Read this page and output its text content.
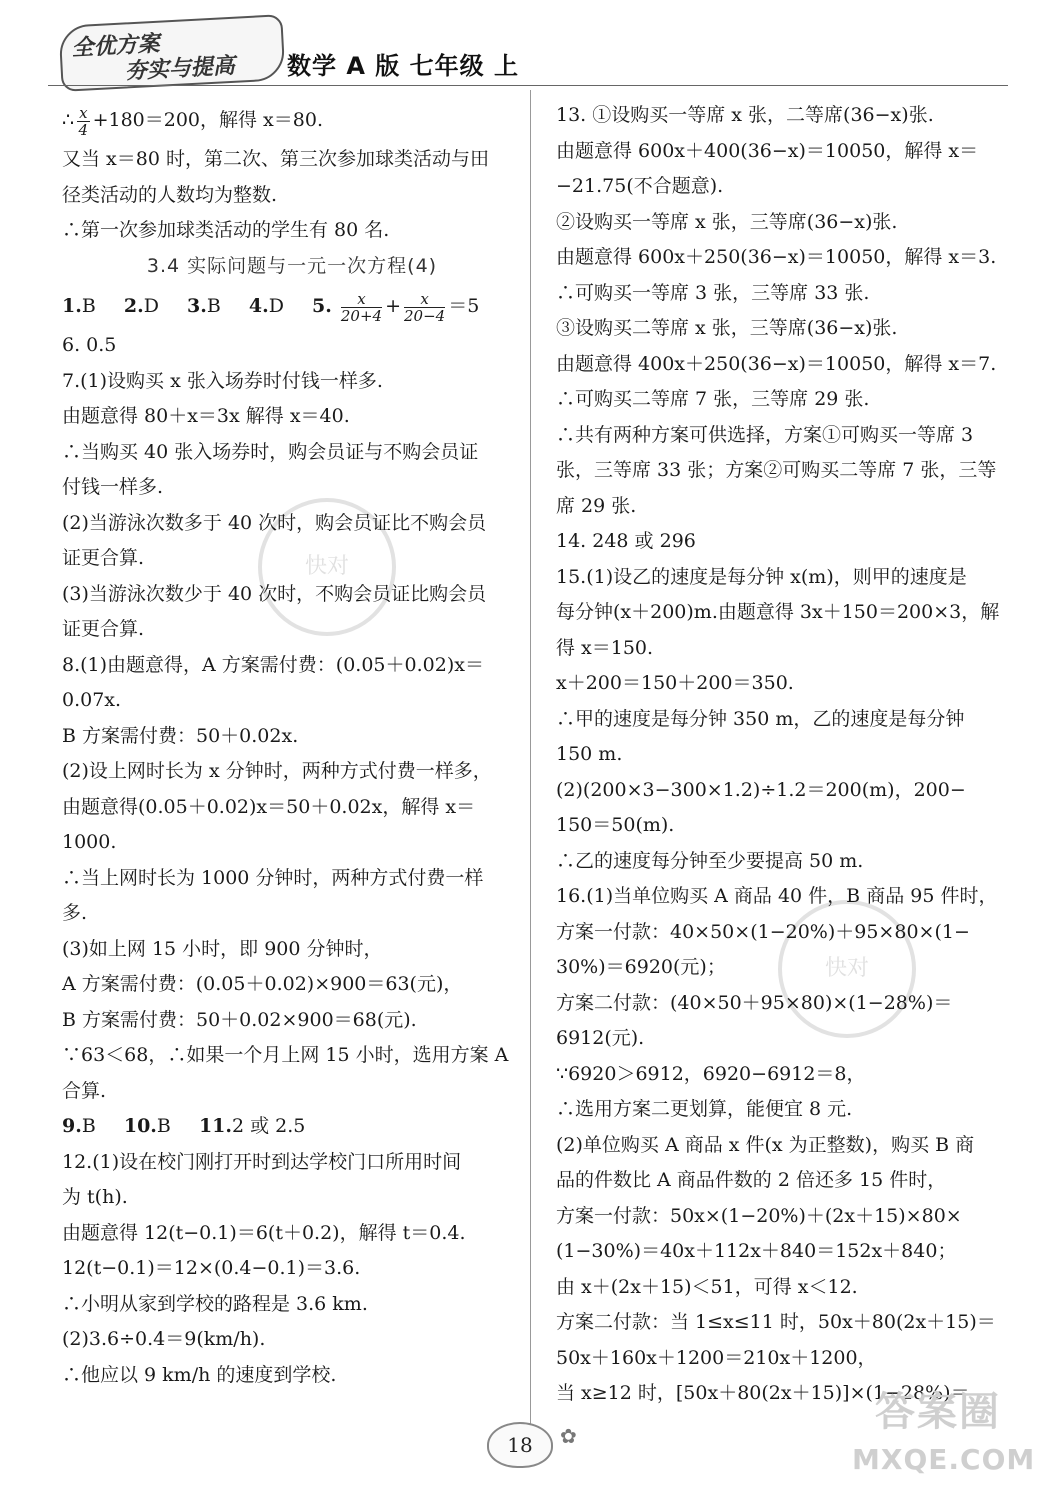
全优方案
夯实与提高 数学 A 版 七年级 上
快对
快对
∴ $\frac{x}{4} +180=200$，解得 x＝80.
又当 x＝80 时，第二次、第三次参加球类活动与田
径类活动的人数均为整数.
∴第一次参加球类活动的学生有 80 名.
3.4 实际问题与一元一次方程(4)
1.B 2.D 3.B 4.D 5. $\frac{x}{20+4} + \frac{x}{20-4} =5$
6. 0.5
7.(1)设购买 x 张入场券时付钱一样多.
由题意得 80＋x＝3x 解得 x＝40.
∴当购买 40 张入场券时，购会员证与不购会员证
付钱一样多.
(2)当游泳次数多于 40 次时，购会员证比不购会员
证更合算.
(3)当游泳次数少于 40 次时，不购会员证比购会员
证更合算.
8.(1)由题意得，A 方案需付费：(0.05＋0.02)x＝
0.07x.
B 方案需付费：50＋0.02x.
(2)设上网时长为 x 分钟时，两种方式付费一样多，
由题意得(0.05＋0.02)x＝50＋0.02x，解得 x＝
1000.
∴当上网时长为 1000 分钟时，两种方式付费一样
多.
(3)如上网 15 小时，即 900 分钟时，
A 方案需付费：(0.05＋0.02)×900＝63(元)，
B 方案需付费：50＋0.02×900＝68(元).
∵63＜68，∴如果一个月上网 15 小时，选用方案 A
合算.
9.B 10.B 11.2 或 2.5
12.(1)设在校门刚打开时到达学校门口所用时间
为 t(h).
由题意得 12(t−0.1)＝6(t＋0.2)，解得 t＝0.4.
12(t−0.1)＝12×(0.4−0.1)＝3.6.
∴小明从家到学校的路程是 3.6 km.
(2)3.6÷0.4＝9(km/h).
∴他应以 9 km/h 的速度到学校.
13. ①设购买一等席 x 张，二等席(36−x)张.
由题意得 600x＋400(36−x)＝10050，解得 x＝
−21.75(不合题意).
②设购买一等席 x 张，三等席(36−x)张.
由题意得 600x＋250(36−x)＝10050，解得 x＝3.
∴可购买一等席 3 张，三等席 33 张.
③设购买二等席 x 张，三等席(36−x)张.
由题意得 400x＋250(36−x)＝10050，解得 x＝7.
∴可购买二等席 7 张，三等席 29 张.
∴共有两种方案可供选择，方案①可购买一等席 3
张，三等席 33 张；方案②可购买二等席 7 张，三等
席 29 张.
14. 248 或 296
15.(1)设乙的速度是每分钟 x(m)，则甲的速度是
每分钟(x＋200)m.由题意得 3x＋150＝200×3，解
得 x＝150.
x＋200＝150＋200＝350.
∴甲的速度是每分钟 350 m，乙的速度是每分钟
150 m.
(2)(200×3−300×1.2)÷1.2＝200(m)，200−
150＝50(m).
∴乙的速度每分钟至少要提高 50 m.
16.(1)当单位购买 A 商品 40 件，B 商品 95 件时，
方案一付款：40×50×(1−20%)＋95×80×(1−
30%)＝6920(元)；
方案二付款：(40×50＋95×80)×(1−28%)＝
6912(元).
∵6920＞6912，6920−6912＝8，
∴选用方案二更划算，能便宜 8 元.
(2)单位购买 A 商品 x 件(x 为正整数)，购买 B 商
品的件数比 A 商品件数的 2 倍还多 15 件时，
方案一付款：50x×(1−20%)＋(2x＋15)×80×
(1−30%)＝40x＋112x＋840＝152x＋840；
由 x＋(2x＋15)＜51，可得 x＜12.
方案二付款：当 1≤x≤11 时，50x＋80(2x＋15)＝
50x＋160x＋1200＝210x＋1200，
当 x≥12 时，[50x＋80(2x＋15)]×(1−28%)＝
18	✿
答案圈
MXQE.COM
